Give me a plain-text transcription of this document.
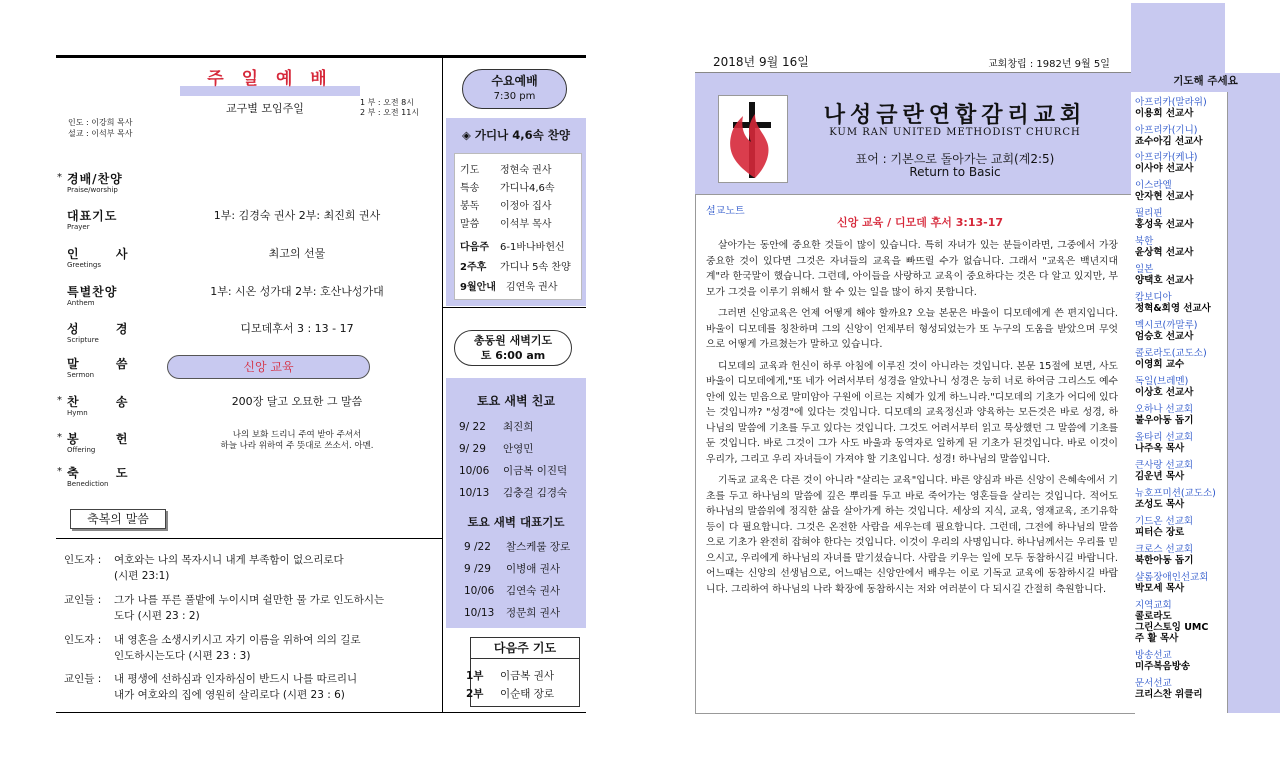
주 일 예 배
교구별 모임주일	1 부 : 오전 8시
2 부 : 오전 11시
인도 : 이강희 목사
설교 : 이석부 목사
* 경배/찬양
Praise/worship
대표기도
Prayer
1부: 김경숙 권사 2부: 최진희 권사
인       사
Greetings
최고의 선물
특별찬양
Anthem
1부: 시온 성가대 2부: 호산나성가대
성       경
Scripture
디모데후서 3 : 13 - 17
말       씀
Sermon
신앙 교육
* 찬       송
Hymn
200장 달고 오묘한 그 말씀
* 봉       헌
Offering
나의 보화 드리니 주여 받아 주셔서
하늘 나라 위하여 주 뜻대로 쓰소서. 아멘.
* 축       도
Benediction
축복의 말씀
인도자 : 여호와는 나의 목자시니 내게 부족함이 없으리로다
(시편 23:1)
교인들 : 그가 나를 푸른 풀밭에 누이시며 쉴만한 물 가로 인도하시는
도다 (시편 23 : 2)
인도자 : 내 영혼을 소생시키시고 자기 이름을 위하여 의의 길로
인도하시는도다 (시편 23 : 3)
교인들 : 내 평생에 선하심과 인자하심이 반드시 나를 따르리니
내가 여호와의 집에 영원히 살리로다 (시편 23 : 6)
수요예배
7:30 pm
◈ 가디나 4,6속 찬양
기도 정현숙 권사
특송 가디나4,6속
봉독 이정아 집사
말씀 이석부 목사
다음주 6-1바나바헌신
2주후 가디나 5속 찬양
9월안내 김연욱 권사
총동원 새벽기도
토 6:00 am
토요 새벽 친교
9/ 22 최진희
9/ 29 안영민
10/06 이금복 이진덕
10/13 김충걸 김경숙
토요 새벽 대표기도
9 /22 찰스케룰 장로
9 /29 이병애 권사
10/06 김연숙 권사
10/13 정문희 권사
다음주 기도
1부 이금복 권사
2부 이순태 장로
2018년 9월 16일	교회창립 : 1982년 9월 5일
나성금란연합감리교회
KUM RAN UNITED METHODIST CHURCH
표어 : 기본으로 돌아가는 교회(계2:5)
Return to Basic
설교노트
신앙 교육 / 디모데 후서 3:13-17

살아가는 동안에 중요한 것들이 많이 있습니다. 특히 자녀가 있는 분들이라면, 그중에서 가장 중요한 것이 있다면 그것은 자녀들의 교육을 빠뜨릴 수가 없습니다. 그래서 "교육은 백년지대계"라 한국말이 했습니다. 그런데, 아이들을 사랑하고 교육이 중요하다는 것은 다 알고 있지만, 부모가 그것을 이루기 위해서 할 수 있는 일을 많이 하지 못합니다.

그러면 신앙교육은 언제 어떻게 해야 할까요? 오늘 본문은 바울이 디모데에게 쓴 편지입니다. 바울이 디모데를 칭찬하며 그의 신앙이 언제부터 형성되었는가 또 누구의 도움을 받았으며 무엇으로 어떻게 가르쳤는가 말하고 있습니다.

디모데의 교육과 헌신이 하루 아침에 이루진 것이 아니라는 것입니다. 본문 15절에 보면, 사도 바울이 디모데에게,"또 네가 어려서부터 성경을 알았나니 성경은 능히 너로 하여금 그리스도 예수 안에 있는 믿음으로 말미암아 구원에 이르는 지혜가 있게 하느니라."디모데의 기초가 어디에 있다는 것입니까? "성경"에 있다는 것입니다. 디모데의 교육정신과 양육하는 모든것은 바로 성경, 하나님의 말씀에 기초를 두고 있다는 것입니다. 그것도 어려서부터 읽고 묵상했던 그 말씀에 기초를 둔 것입니다. 바로 그것이 그가 사도 바울과 동역자로 일하게 된 기초가 된것입니다. 바로 이것이 우리가, 그리고 우리 자녀들이 가져야 할 기초입니다. 성경! 하나님의 말씀입니다.

기독교 교육은 다른 것이 아니라 "살리는 교육"입니다. 바른 양심과 바른 신앙이 은혜속에서 기초를 두고 하나님의 말씀에 깊은 뿌리를 두고 바로 죽어가는 영혼들을 살리는 것입니다. 적어도 하나님의 말씀위에 정직한 삶을 살아가게 하는 것입니다. 세상의 지식, 교육, 영재교육, 조기유학등이 다 필요합니다. 그것은 온전한 사람을 세우는데 필요합니다. 그런데, 그전에 하나님의 말씀으로 기초가 완전히 잡혀야 한다는 것입니다. 이것이 우리의 사명입니다. 하나님께서는 우리를 믿으시고, 우리에게 하나님의 자녀를 맡기셨습니다. 사람을 키우는 일에 모두 동참하시길 바랍니다. 어느때는 신앙의 선생님으로, 어느때는 신앙안에서 배우는 이로 기독교 교육에 동참하시길 바랍니다. 그리하여 하나님의 나라 확장에 동참하시는 저와 여러분이 다 되시길 간절히 축원합니다.

기도해 주세요
아프리카(말라위)
이용희 선교사
아프리카(기니)
죠수아김 선교사
아프리카(케냐)
이사야 선교사
이스라엘
안자현 선교사
필리핀
홍성욱 선교사
북한
윤상혁 선교사
일본
양택호 선교사
캄보디아
정혁&희영 선교사
멕시코(까말루)
엄승호 선교사
콜로라도(교도소)
이영희 교수
독일(브레멘)
이상호 선교사
오하나 선교회
불우아동 돕기
올타리 선교회
나주옥 목사
큰사랑 선교회
김운년 목사
뉴호프미션(교도소)
조성도 목사
기드온 선교회
피터슨 장로
크로스 선교회
북한아동 돕기
샬롬장애인선교회
박모세 목사
지역교회
콜로라도
그린스토잉 UMC
주 활 목사
방송선교
미주복음방송
문서선교
크리스찬 위클리
